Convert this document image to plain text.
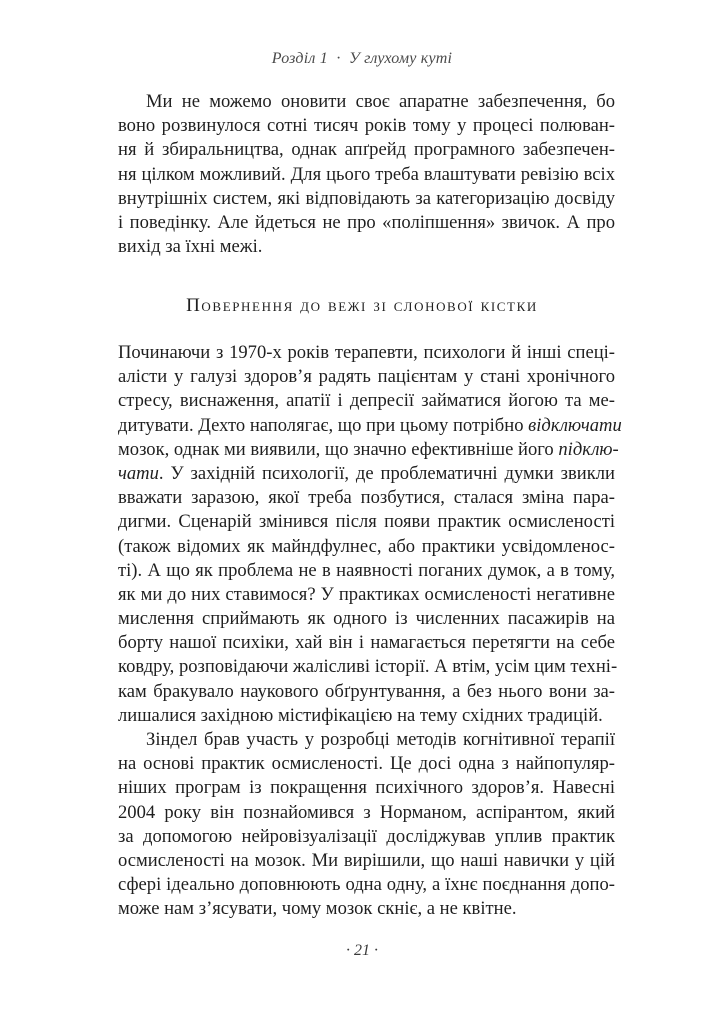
Розділ 1 · У глухому куті
Ми не можемо оновити своє апаратне забезпечення, бо
воно розвинулося сотні тисяч років тому у процесі полюван-
ня й збиральництва, однак апґрейд програмного забезпечен-
ня цілком можливий. Для цього треба влаштувати ревізію всіх
внутрішніх систем, які відповідають за категоризацію досвіду
і поведінку. Але йдеться не про «поліпшення» звичок. А про
вихід за їхні межі.
Повернення до вежі зі слонової кістки
Починаючи з 1970-х років терапевти, психологи й інші спеці-
алісти у галузі здоров’я радять пацієнтам у стані хронічного
стресу, виснаження, апатії і депресії займатися йогою та ме-
дитувати. Дехто наполягає, що при цьому потрібно відключати
мозок, однак ми виявили, що значно ефективніше його підклю-
чати. У західній психології, де проблематичні думки звикли
вважати заразою, якої треба позбутися, сталася зміна пара-
дигми. Сценарій змінився після появи практик осмисленості
(також відомих як майндфулнес, або практики усвідомленос-
ті). А що як проблема не в наявності поганих думок, а в тому,
як ми до них ставимося? У практиках осмисленості негативне
мислення сприймають як одного із численних пасажирів на
борту нашої психіки, хай він і намагається перетягти на себе
ковдру, розповідаючи жалісливі історії. А втім, усім цим техні-
кам бракувало наукового обґрунтування, а без нього вони за-
лишалися західною містифікацією на тему східних традицій.
Зіндел брав участь у розробці методів когнітивної терапії
на основі практик осмисленості. Це досі одна з найпопуляр-
ніших програм із покращення психічного здоров’я. Навесні
2004 року він познайомився з Норманом, аспірантом, який
за допомогою нейровізуалізації досліджував уплив практик
осмисленості на мозок. Ми вирішили, що наші навички у цій
сфері ідеально доповнюють одна одну, а їхнє поєднання допо-
може нам з’ясувати, чому мозок скніє, а не квітне.
· 21 ·
